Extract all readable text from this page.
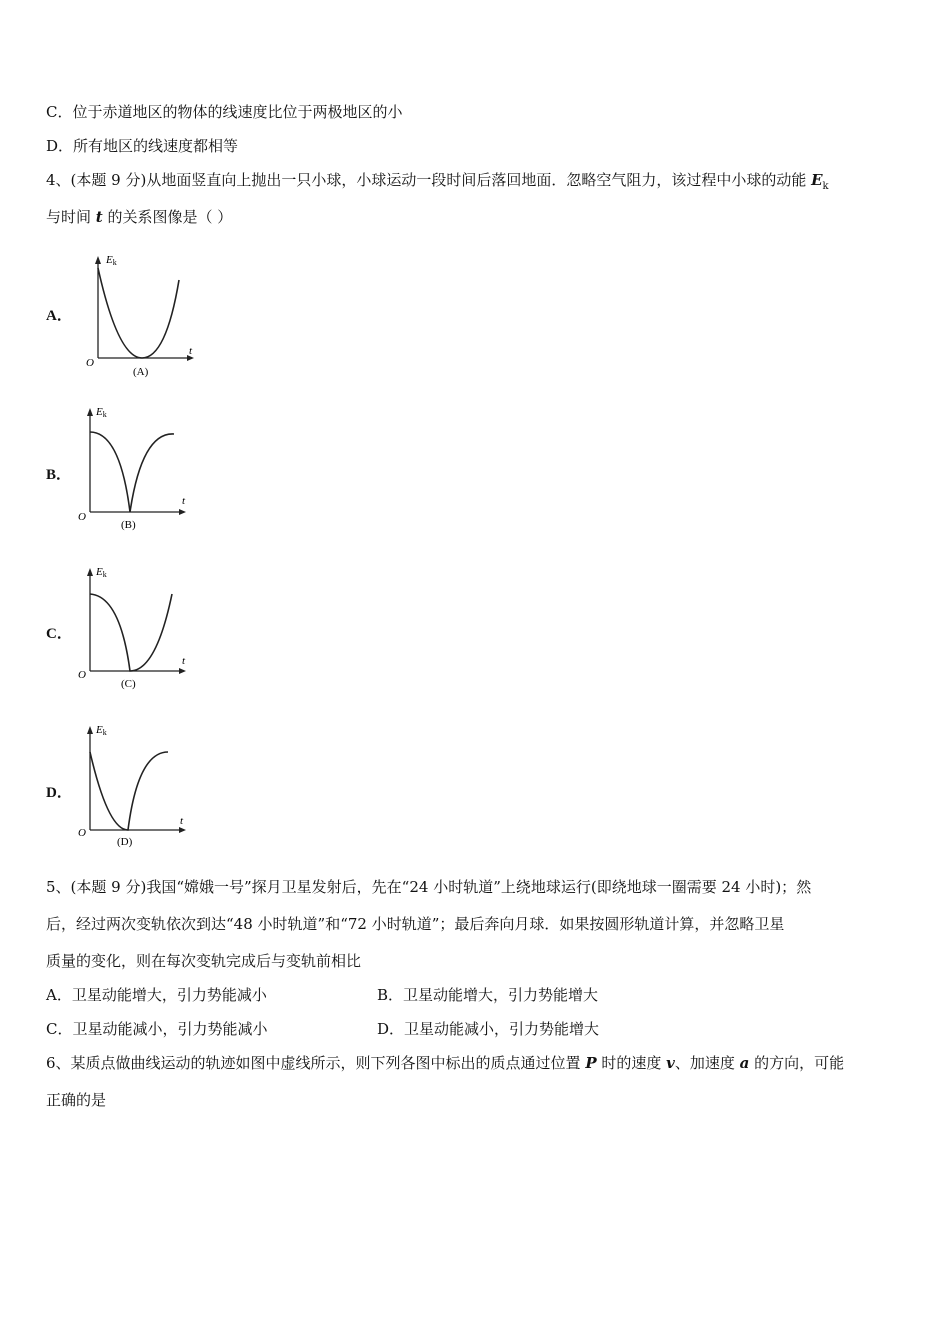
C．位于赤道地区的物体的线速度比位于两极地区的小
D．所有地区的线速度都相等
4、(本题 9 分)从地面竖直向上抛出一只小球，小球运动一段时间后落回地面．忽略空气阻力，该过程中小球的动能 $E_k$
与时间 t 的关系图像是（ ）
A．
Ek
t
O
(A)
B．
Ek
t
O
(B)
C．
Ek
t
O
(C)
D．
Ek
t
O
(D)
5、(本题 9 分)我国“嫦娥一号”探月卫星发射后，先在“24 小时轨道”上绕地球运行(即绕地球一圈需要 24 小时)；然
后，经过两次变轨依次到达“48 小时轨道”和“72 小时轨道”；最后奔向月球．如果按圆形轨道计算，并忽略卫星
质量的变化，则在每次变轨完成后与变轨前相比
A．卫星动能增大，引力势能减小	B．卫星动能增大，引力势能增大
C．卫星动能减小，引力势能减小	D．卫星动能减小，引力势能增大
6、某质点做曲线运动的轨迹如图中虚线所示，则下列各图中标出的质点通过位置 P 时的速度 v、加速度 a 的方向，可能
正确的是
